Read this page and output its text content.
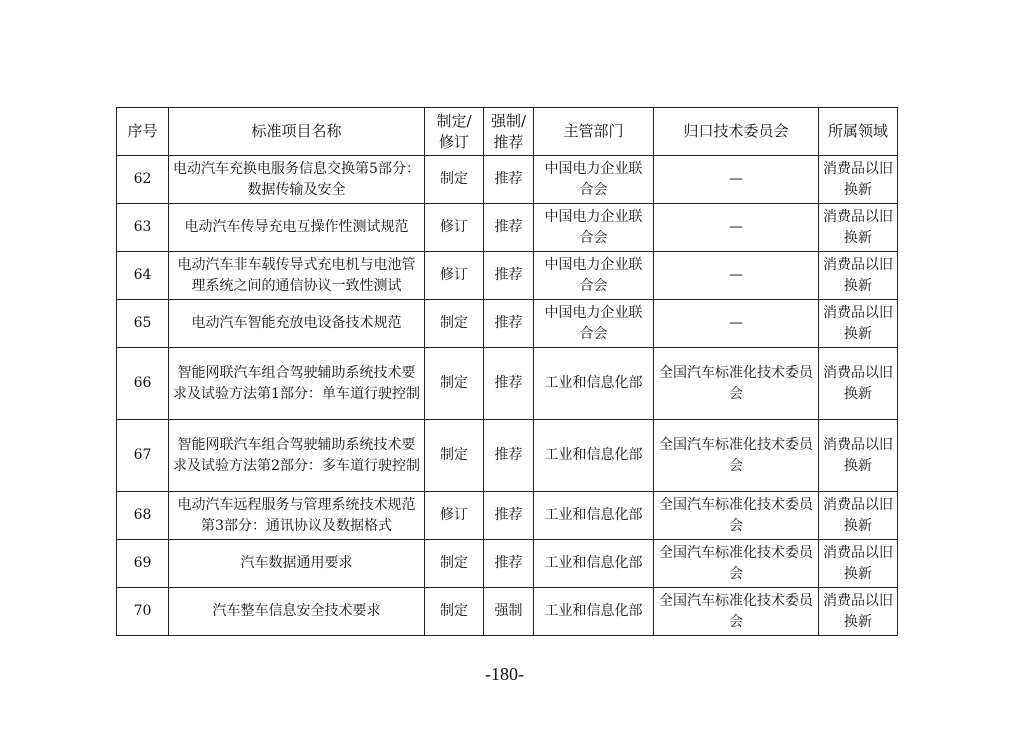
序号	标准项目名称	制定/修订	强制/推荐	主管部门	归口技术委员会	所属领域
62	电动汽车充换电服务信息交换第5部分：数据传输及安全	制定	推荐	中国电力企业联合会	—	消费品以旧换新
63	电动汽车传导充电互操作性测试规范	修订	推荐	中国电力企业联合会	—	消费品以旧换新
64	电动汽车非车载传导式充电机与电池管理系统之间的通信协议一致性测试	修订	推荐	中国电力企业联合会	—	消费品以旧换新
65	电动汽车智能充放电设备技术规范	制定	推荐	中国电力企业联合会	—	消费品以旧换新
66	智能网联汽车组合驾驶辅助系统技术要求及试验方法第1部分：单车道行驶控制	制定	推荐	工业和信息化部	全国汽车标准化技术委员会	消费品以旧换新
67	智能网联汽车组合驾驶辅助系统技术要求及试验方法第2部分：多车道行驶控制	制定	推荐	工业和信息化部	全国汽车标准化技术委员会	消费品以旧换新
68	电动汽车远程服务与管理系统技术规范第3部分：通讯协议及数据格式	修订	推荐	工业和信息化部	全国汽车标准化技术委员会	消费品以旧换新
69	汽车数据通用要求	制定	推荐	工业和信息化部	全国汽车标准化技术委员会	消费品以旧换新
70	汽车整车信息安全技术要求	制定	强制	工业和信息化部	全国汽车标准化技术委员会	消费品以旧换新
-180-
